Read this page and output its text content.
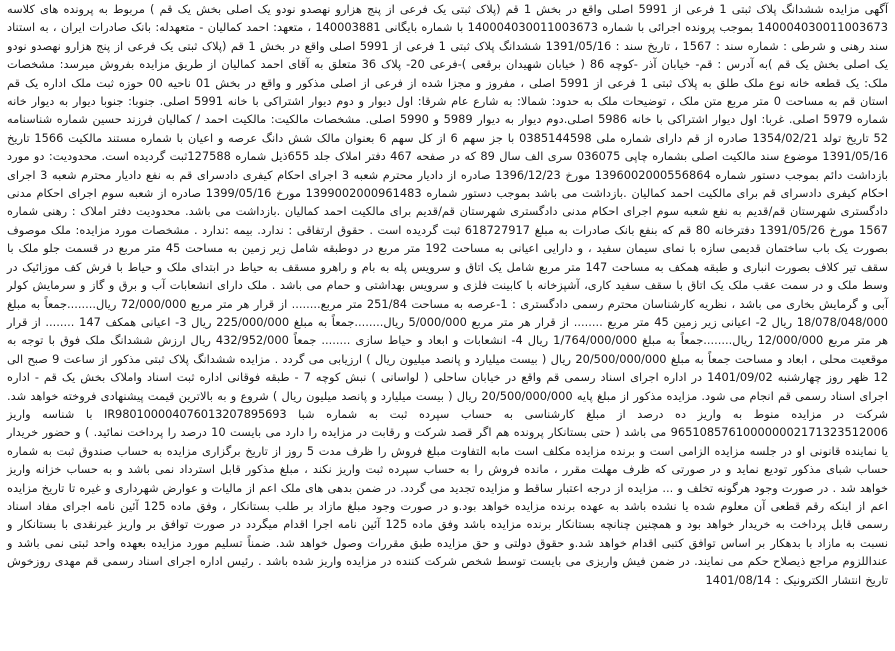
آگهی مزایده ششدانگ پلاک ثبتی 1 فرعی از 5991 اصلی واقع در بخش 1 قم (پلاک ثبتی یک فرعی از پنج هزارو نهصدو نودو یک اصلی بخش یک قم ) مربوط به پرونده های کلاسه 140004030011003673 بموجب پرونده اجرائی با شماره 140004030011003673 با شماره بایگانی 140003881 ، متعهد: احمد کمالیان - متعهدله: بانک صادرات ایران ، به استناد سند رهنی و شرطی : شماره سند : 1567 ، تاریخ سند : 1391/05/16 ششدانگ پلاک ثبتی 1 فرعی از 5991 اصلی واقع در بخش 1 قم (پلاک ثبتی یک فرعی از پنج هزارو نهصدو نودو یک اصلی بخش یک قم )به آدرس : قم- خیابان آذر -کوچه 86 ( خیابان شهیدان برقعی )-فرعی 20- پلاک 36 متعلق به آقای احمد کمالیان از طریق مزایده بفروش میرسد: مشخصات ملک: یک قطعه خانه نوع ملک طلق به پلاک ثبتی 1 فرعی از 5991 اصلی ، مفروز و مجزا شده از فرعی از اصلی مذکور و واقع در بخش 01 ناحیه 00 حوزه ثبت ملک اداره یک قم استان قم به مساحت 0 متر مربع متن ملک ، توضیحات ملک به حدود: شمالا: به شارع عام شرقا: اول دیوار و دوم دیوار اشتراکی با خانه 5991 اصلی. جنوبا: جنوبا دیوار به دیوار خانه شماره 5979 اصلی. غربا: اول دیوار اشتراکی با خانه 5986 اصلی.دوم دیوار به دیوار 5989 و 5990 اصلی. مشخصات مالکیت: مالکیت احمد / کمالیان فرزند حسین شماره شناسنامه 52 تاریخ تولد 1354/02/21 صادره از قم دارای شماره ملی 0385144598 با جز سهم 6 از کل سهم 6 بعنوان مالک شش دانگ عرصه و اعیان با شماره مستند مالکیت 1566 تاریخ 1391/05/16 موضوع سند مالکیت اصلی بشماره چاپی 036075 سری الف سال 89 که در صفحه 467 دفتر املاک جلد 655ذیل شماره 127588ثبت گردیده است. محدودیت: دو مورد بازداشت دائم بموجب دستور شماره 1396002000556864 مورخ 1396/12/23 صادره از دادیار محترم شعبه 3 اجرای احکام کیفری دادسرای قم به نفع دادیار محترم شعبه 3 اجرای احکام کیفری دادسرای قم برای مالکیت احمد کمالیان .بازداشت می باشد بموجب دستور شماره 1399002000961483 مورخ 1399/05/16 صادره از شعبه سوم اجرای احکام مدنی دادگستری شهرستان قم/قدیم به نفع شعبه سوم اجرای احکام مدنی دادگستری شهرستان قم/قدیم برای مالکیت احمد کمالیان .بازداشت می باشد. محدودیت دفتر املاک : رهنی شماره 1567 مورخ 1391/05/26 دفترخانه 80 قم که بنفع بانک صادرات به مبلغ 618727917 ثبت گردیده است . حقوق ارتفاقی : ندارد. بیمه :ندارد . مشخصات مورد مزایده: ملک موصوف بصورت یک باب ساختمان قدیمی سازه با نمای سیمان سفید ، و دارایی اعیانی به مساحت 192 متر مربع در دوطبقه شامل زیر زمین به مساحت 45 متر مربع در قسمت جلو ملک با سقف تیر کلاف بصورت انباری و طبقه همکف به مساحت 147 متر مربع شامل یک اتاق و سرویس پله به بام و راهرو مسقف به حیاط در ابتدای ملک و حیاط با فرش کف موزائیک در وسط ملک و در سمت عقب ملک یک اتاق با سقف سفید کاری، آشپزخانه با کابینت فلزی و سرویس بهداشتی و حمام می باشد . ملک دارای انشعابات آب و برق و گاز و سرمایش کولر آبی و گرمایش بخاری می باشد ، نظریه کارشناسان محترم رسمی دادگستری : 1-عرصه به مساحت 251/84 متر مربع........ از قرار هر متر مربع 72/000/000 ریال........جمعاً به مبلغ 18/078/048/000 ریال 2- اعیانی زیر زمین 45 متر مربع ........ از قرار هر متر مربع 5/000/000 ریال........جمعاً به مبلغ 225/000/000 ریال 3- اعیانی همکف 147 ........ از قرار هر متر مربع 12/000/000 ریال........جمعاً به مبلغ 1/764/000/000 ریال 4- انشعابات و ابعاد و حیاط سازی ........ جمعاً 432/952/000 ریال ارزش ششدانگ ملک فوق با توجه به موقعیت محلی ، ابعاد و مساحت جمعاً به مبلغ 20/500/000/000 ریال ( بیست میلیارد و پانصد میلیون ریال ) ارزیابی می گردد . مزایده ششدانگ پلاک ثبتی مذکور از ساعت 9 صبح الی 12 ظهر روز چهارشنبه 1401/09/02 در اداره اجرای اسناد رسمی قم واقع در خیابان ساحلی ( لواسانی ) نبش کوچه 7 - طبقه فوقانی اداره ثبت اسناد واملاک بخش یک قم - اداره اجرای اسناد رسمی قم انجام می شود. مزایده مذکور از مبلغ پایه 20/500/000/000 ریال ( بیست میلیارد و پانصد میلیون ریال ) شروع و به بالاترین قیمت پیشنهادی فروخته خواهد شد. شرکت در مزایده منوط به واریز ده درصد از مبلغ کارشناسی به حساب سپرده ثبت به شماره شبا IR980100004076013207895693 با شناسه واریز 965108576100000002171323512006 می باشد ( حتی بستانکار پرونده هم اگر قصد شرکت و رقابت در مزایده را دارد می بایست 10 درصد را پرداخت نمائید. ) و حضور خریدار یا نماینده قانونی او در جلسه مزایده الزامی است و برنده مزایده مکلف است مابه التفاوت مبلغ فروش را ظرف مدت 5 روز از تاریخ برگزاری مزایده به حساب صندوق ثبت به شماره حساب شبای مذکور تودیع نماید و در صورتی که ظرف مهلت مقرر ، مانده فروش را به حساب سپرده ثبت واریز نکند ، مبلغ مذکور قابل استرداد نمی باشد و به حساب خزانه واریز خواهد شد . در صورت وجود هرگونه تخلف و ... مزایده از درجه اعتبار ساقط و مزایده تجدید می گردد. در ضمن بدهی های ملک اعم از مالیات و عوارض شهرداری و غیره تا تاریخ مزایده اعم از اینکه رقم قطعی آن معلوم شده یا نشده باشد به عهده برنده مزایده خواهد بود.و در صورت وجود مبلغ مازاد بر طلب بستانکار ، وفق ماده 125 آئین نامه اجرای مفاد اسناد رسمی قابل پرداخت به خریدار خواهد بود و همچنین چنانچه بستانکار برنده مزایده باشد وفق ماده 125 آئین نامه اجرا اقدام میگردد در صورت توافق بر واریز غیرنقدی با بستانکار و نسبت به مازاد با بدهکار بر اساس توافق کتبی اقدام خواهد شد.و حقوق دولتی و حق مزایده طبق مقررات وصول خواهد شد. ضمناً تسلیم مورد مزایده بعهده واحد ثبتی نمی باشد و عنداللزوم مراجع ذیصلاح حکم می نمایند. در ضمن فیش واریزی می بایست توسط شخص شرکت کننده در مزایده واریز شده باشد . رئیس اداره اجرای اسناد رسمی قم مهدی روزخوش تاریخ انتشار الکترونیک : 1401/08/14
